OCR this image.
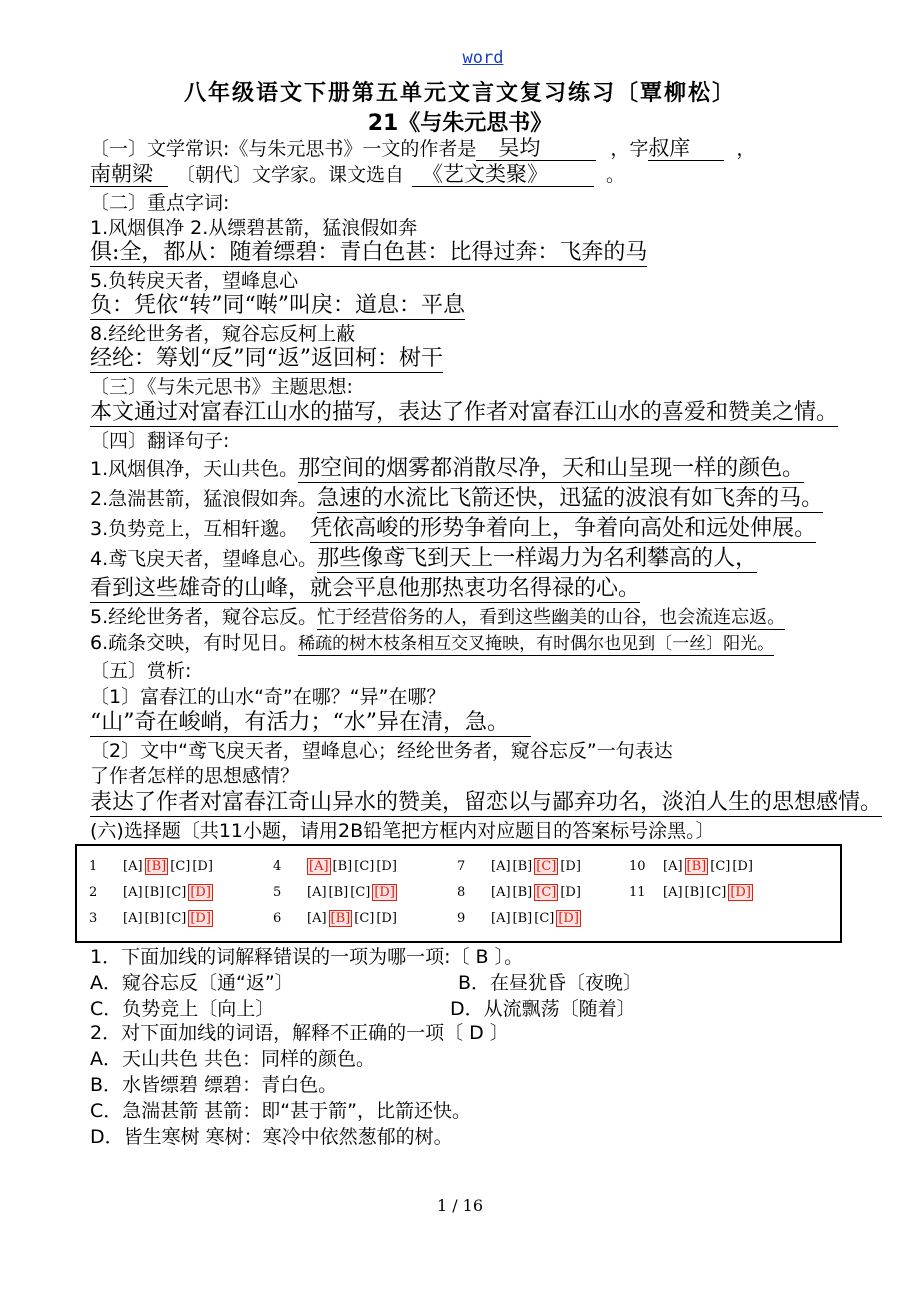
word
八年级语文下册第五单元文言文复习练习〔覃柳松〕
21《与朱元思书》
〔一〕文学常识:《与朱元思书》一文的作者是 吴均	，字叔庠 ，
南朝梁 〔朝代〕文学家。课文选自 《艺文类聚》	。
〔二〕重点字词:
1.风烟俱净 2.从缥碧甚箭，猛浪假如奔
俱:全，都从：随着缥碧：青白色甚：比得过奔：飞奔的马
5.负转戾天者，望峰息心
负：凭依“转”同“啭”叫戾：道息：平息
8.经纶世务者，窥谷忘反柯上蔽
经纶：筹划“反”同“返”返回柯：树干
〔三〕《与朱元思书》主题思想:
本文通过对富春江山水的描写，表达了作者对富春江山水的喜爱和赞美之情。
〔四〕翻译句子:
1.风烟俱净，天山共色。那空间的烟雾都消散尽净，天和山呈现一样的颜色。
2.急湍甚箭，猛浪假如奔。急速的水流比飞箭还快，迅猛的波浪有如飞奔的马。
3.负势竞上，互相轩邈。 凭依高峻的形势争着向上，争着向高处和远处伸展。
4.鸢飞戾天者，望峰息心。那些像鸢飞到天上一样竭力为名利攀高的人，
看到这些雄奇的山峰，就会平息他那热衷功名得禄的心。
5.经纶世务者，窥谷忘反。忙于经营俗务的人，看到这些幽美的山谷，也会流连忘返。
6.疏条交映，有时见日。稀疏的树木枝条相互交叉掩映，有时偶尔也见到〔一丝〕阳光。
〔五〕赏析:
〔1〕富春江的山水“奇”在哪？“异”在哪？
“山”奇在峻峭，有活力；“水”异在清，急。
〔2〕文中“鸢飞戾天者，望峰息心；经纶世务者，窥谷忘反”一句表达
了作者怎样的思想感情？
表达了作者对富春江奇山异水的赞美，留恋以与鄙弃功名，淡泊人生的思想感情。
(六)选择题〔共11小题，请用2B铅笔把方框内对应题目的答案标号涂黑。〕
1 [A] [B] [C] [D]	4 [A] [B] [C] [D]	7 [A] [B] [C] [D]	10 [A] [B] [C] [D]
2 [A] [B] [C] [D]	5 [A] [B] [C] [D]	8 [A] [B] [C] [D]	11 [A] [B] [C] [D]
3 [A] [B] [C] [D]	6 [A] [B] [C] [D]	9 [A] [B] [C] [D]
1．下面加线的词解释错误的一项为哪一项:〔 B 〕。
A．窥谷忘反〔通“返”〕	B．在昼犹昏〔夜晚〕
C．负势竞上〔向上〕	D．从流飘荡〔随着〕
2．对下面加线的词语，解释不正确的一项〔 D 〕
A．天山共色 共色：同样的颜色。
B．水皆缥碧 缥碧：青白色。
C．急湍甚箭 甚箭：即“甚于箭”，比箭还快。
D．皆生寒树 寒树：寒冷中依然葱郁的树。
1 / 16
